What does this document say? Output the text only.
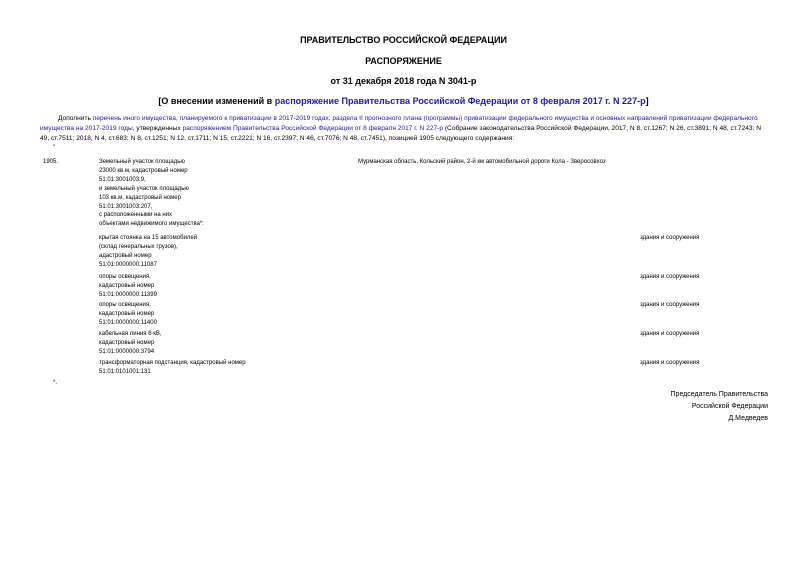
ПРАВИТЕЛЬСТВО РОССИЙСКОЙ ФЕДЕРАЦИИ
РАСПОРЯЖЕНИЕ
от 31 декабря 2018 года N 3041-р
[О внесении изменений в распоряжение Правительства Российской Федерации от 8 февраля 2017 г. N 227-р]
Дополнить перечень иного имущества, планируемого к приватизации в 2017-2019 годах, раздела II прогнозного плана (программы) приватизации федерального имущества и основных направлений приватизации федерального имущества на 2017-2019 годы, утвержденных распоряжением Правительства Российской Федерации от 8 февраля 2017 г. N 227-р (Собрание законодательства Российской Федерации, 2017, N 8, ст.1267; N 26, ст.3891; N 48, ст.7243; N 49, ст.7511; 2018, N 4, ст.683; N 8, ст.1251; N 12, ст.1711; N 15, ст.2221; N 16, ст.2397; N 46, ст.7076; N 48, ст.7451), позицией 1905 следующего содержания:
"
1905.	Земельный участок площадью
23000 кв.м, кадастровый номер
51:01:3001003:9,
и земельный участок площадью
103 кв.м, кадастровый номер
51:01:3001003:207,
с расположенными на них
объектами недвижимого имущества*:
Мурманская область, Кольский район, 2-й км автомобильной дороги Кола - Зверосовхоз
крытая стоянка на 15 автомобилей
(склад генеральных грузов),
адастровый номер
51:01:0000000:11087
здания и сооружения
опоры освещения,
кадастровый номер
51:01:0000000:11399
здания и сооружения
опоры освещения,
кадастровый номер
51:01:0000000:11400
здания и сооружения
кабельная линия 6 кВ,
кадастровый номер
51:01:0000000:3794
здания и сооружения
трансформаторная подстанция, кадастровый номер
51:01:0101001:131
здания и сооружения
*.
Председатель Правительства
Российской Федерации
Д.Медведев
